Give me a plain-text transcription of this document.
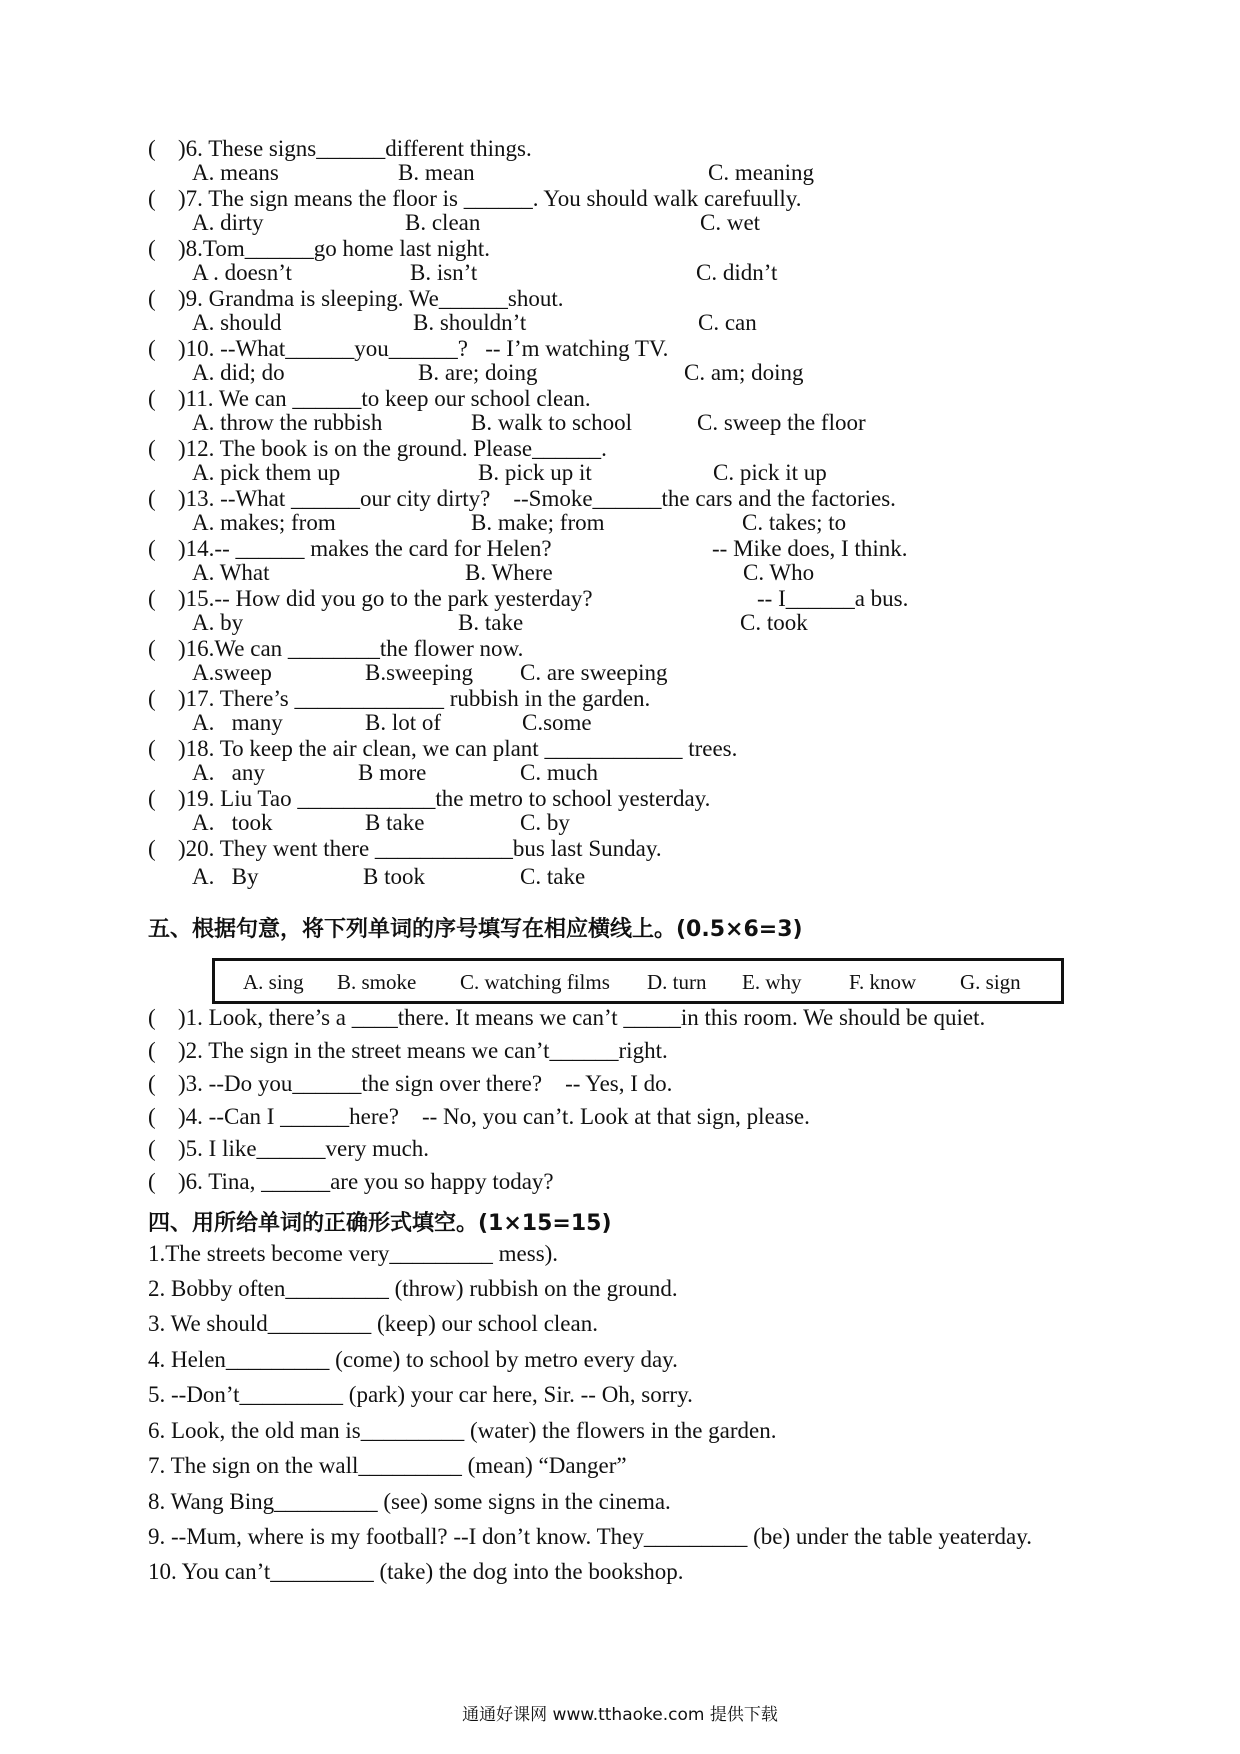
( )6. These signs______different things.
A. means	B. mean	C. meaning
( )7. The sign means the floor is ______. You should walk carefuully.
A. dirty	B. clean	C. wet
( )8.Tom______go home last night.
A . doesn’t	B. isn’t	C. didn’t
( )9. Grandma is sleeping. We______shout.
A. should	B. shouldn’t	C. can
( )10. --What______you______?   -- I’m watching TV.
A. did; do	B. are; doing	C. am; doing
( )11. We can ______to keep our school clean.
A. throw the rubbish	B. walk to school	C. sweep the floor
( )12. The book is on the ground. Please______.
A. pick them up	B. pick up it	C. pick it up
( )13. --What ______our city dirty?    --Smoke______the cars and the factories.
A. makes; from	B. make; from	C. takes; to
( )14.-- ______ makes the card for Helen?	-- Mike does, I think.
A. What	B. Where	C. Who
( )15.-- How did you go to the park yesterday?	-- I______a bus.
A. by	B. take	C. took
( )16.We can ________the flower now.
A.sweep	B.sweeping C. are sweeping
( )17. There’s _____________ rubbish in the garden.
A.   many	B. lot of	C.some
( )18. To keep the air clean, we can plant ____________ trees.
A.   any	B more	C. much
( )19. Liu Tao ____________the metro to school yesterday.
A.   took	B take	C. by
( )20. They went there ____________bus last Sunday.
A.   By	B took	C. take
五、根据句意，将下列单词的序号填写在相应横线上。(0.5×6=3)
A. sing B. smoke C. watching films D. turn E. why F. know G. sign
( )1. Look, there’s a ____there. It means we can’t _____in this room. We should be quiet.
( )2. The sign in the street means we can’t______right.
( )3. --Do you______the sign over there?    -- Yes, I do.
( )4. --Can I ______here?    -- No, you can’t. Look at that sign, please.
( )5. I like______very much.
( )6. Tina, ______are you so happy today?
四、用所给单词的正确形式填空。(1×15=15)
1.The streets become very_________ mess).
2. Bobby often_________ (throw) rubbish on the ground.
3. We should_________ (keep) our school clean.
4. Helen_________ (come) to school by metro every day.
5. --Don’t_________ (park) your car here, Sir. -- Oh, sorry.
6. Look, the old man is_________ (water) the flowers in the garden.
7. The sign on the wall_________ (mean) “Danger”
8. Wang Bing_________ (see) some signs in the cinema.
9. --Mum, where is my football? --I don’t know. They_________ (be) under the table yeaterday.
10. You can’t_________ (take) the dog into the bookshop.
通通好课网 www.tthaoke.com 提供下载
